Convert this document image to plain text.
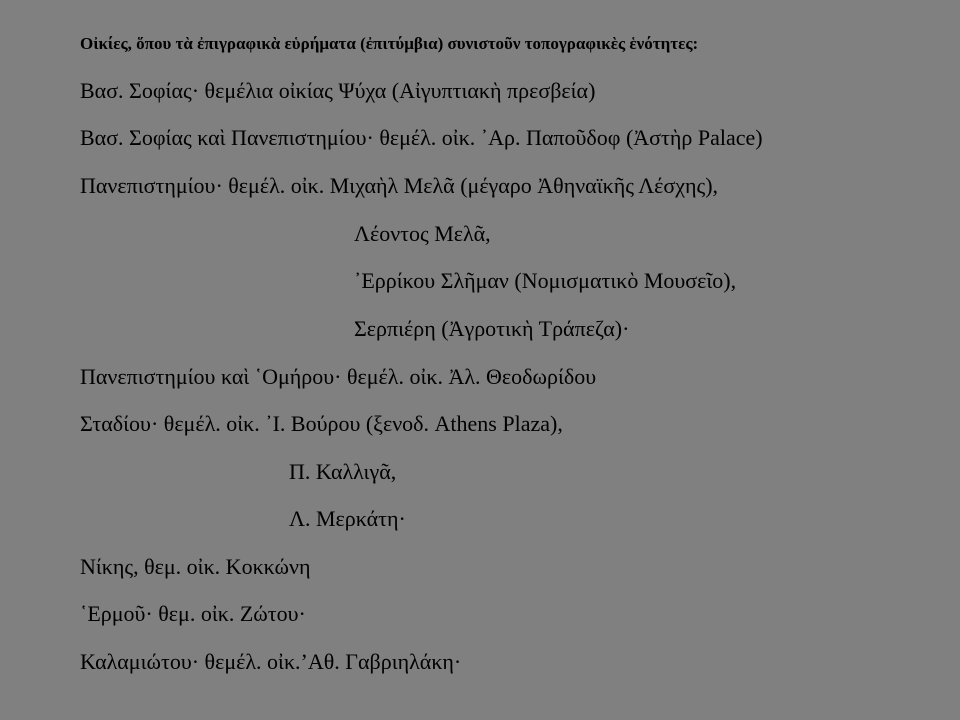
Οἰκίες, ὅπου τὰ ἐπιγραφικὰ εὑρήματα (ἐπιτύμβια) συνιστοῦν τοπογραφικὲς ἑνότητες:
Βασ. Σοφίας· θεμέλια οἰκίας Ψύχα (Αἰγυπτιακὴ πρεσβεία)
Βασ. Σοφίας καὶ Πανεπιστημίου· θεμέλ. οἰκ. ᾿Αρ. Παποῦδοφ (Ἀστὴρ Palace)
Πανεπιστημίου· θεμέλ. οἰκ. Μιχαὴλ Μελᾶ (μέγαρο Ἀθηναϊκῆς Λέσχης),
Λέοντος Μελᾶ,
᾿Ερρίκου Σλῆμαν (Νομισματικὸ Μουσεῖο),
Σερπιέρη (Ἀγροτικὴ Τράπεζα)·
Πανεπιστημίου καὶ ῾Ομήρου· θεμέλ. οἰκ. Ἀλ. Θεοδωρίδου
Σταδίου· θεμέλ. οἰκ. ᾿Ι. Βούρου (ξενοδ. Athens Plaza),
Π. Καλλιγᾶ,
Λ. Μερκάτη·
Νίκης, θεμ. οἰκ. Κοκκώνη
῾Ερμοῦ· θεμ. οἰκ. Ζώτου·
Καλαμιώτου· θεμέλ. οἰκ.’Αθ. Γαβριηλάκη·
